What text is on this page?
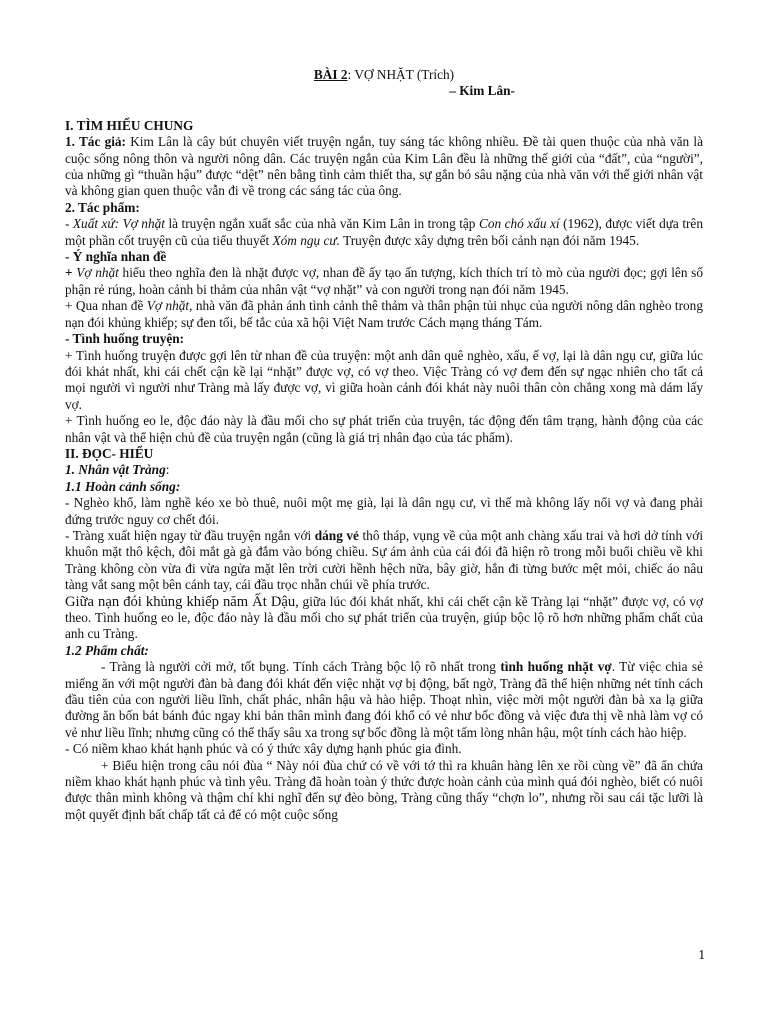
BÀI 2: VỢ NHẶT (Trích)
– Kim Lân-

I. TÌM HIỂU CHUNG

1. Tác giả: Kim Lân là cây bút chuyên viết truyện ngắn, tuy sáng tác không nhiều. Đề tài quen thuộc của nhà văn là cuộc sống nông thôn và người nông dân. Các truyện ngắn của Kim Lân đều là những thế giới của “đất”, của “người”, của những gì “thuần hậu” được “dệt” nên bằng tình cảm thiết tha, sự gắn bó sâu nặng của nhà văn với thế giới nhân vật và không gian quen thuộc vẫn đi về trong các sáng tác của ông.

2. Tác phẩm:

- Xuất xứ: Vợ nhặt là truyện ngắn xuất sắc của nhà văn Kim Lân in trong tập Con chó xấu xí (1962), được viết dựa trên một phần cốt truyện cũ của tiểu thuyết Xóm ngụ cư. Truyện được xây dựng trên bối cảnh nạn đói năm 1945.

- Ý nghĩa nhan đề

+ Vợ nhặt hiểu theo nghĩa đen là nhặt được vợ, nhan đề ấy tạo ấn tượng, kích thích trí tò mò của người đọc; gợi lên số phận rẻ rúng, hoàn cảnh bi thảm của nhân vật “vợ nhặt” và con người trong nạn đói năm 1945.

+ Qua nhan đề Vợ nhặt, nhà văn đã phản ánh tình cảnh thê thảm và thân phận tủi nhục của người nông dân nghèo trong nạn đói khủng khiếp; sự đen tối, bế tắc của xã hội Việt Nam trước Cách mạng tháng Tám.

- Tình huống truyện:

+ Tình huống truyện được gợi lên từ nhan đề của truyện: một anh dân quê nghèo, xấu, ế vợ, lại là dân ngụ cư, giữa lúc đói khát nhất, khi cái chết cận kề lại “nhặt” được vợ, có vợ theo. Việc Tràng có vợ đem đến sự ngạc nhiên cho tất cả mọi người vì người như Tràng mà lấy được vợ, vì giữa hoàn cảnh đói khát này nuôi thân còn chẳng xong mà dám lấy vợ.

+ Tình huống eo le, độc đáo này là đầu mối cho sự phát triển của truyện, tác động đến tâm trạng, hành động của các nhân vật và thể hiện chủ đề của truyện ngắn (cũng là giá trị nhân đạo của tác phẩm).

II. ĐỌC- HIỂU

1. Nhân vật Tràng:

1.1 Hoàn cảnh sống:

- Nghèo khổ, làm nghề kéo xe bò thuê, nuôi một mẹ già, lại là dân ngụ cư, vì thế mà không lấy nổi vợ và đang phải đứng trước nguy cơ chết đói.

- Tràng xuất hiện ngay từ đầu truyện ngắn với dáng vẻ thô tháp, vụng về của một anh chàng xấu trai và hơi dở tính với khuôn mặt thô kệch, đôi mắt gà gà đắm vào bóng chiều. Sự ám ảnh của cái đói đã hiện rõ trong mỗi buổi chiều về khi Tràng không còn vừa đi vừa ngửa mặt lên trời cười hềnh hệch nữa, bây giờ, hắn đi từng bước mệt mỏi, chiếc áo nâu tàng vắt sang một bên cánh tay, cái đầu trọc nhẵn chúi về phía trước.

Giữa nạn đói khủng khiếp năm Ất Dậu, giữa lúc đói khát nhất, khi cái chết cận kề Tràng lại “nhặt” được vợ, có vợ theo. Tình huống eo le, độc đáo này là đầu mối cho sự phát triển của truyện, giúp bộc lộ rõ hơn những phẩm chất của anh cu Tràng.

1.2 Phẩm chất:

- Tràng là người cởi mở, tốt bụng. Tính cách Tràng bộc lộ rõ nhất trong tình huống nhặt vợ. Từ việc chia sẻ miếng ăn với một người đàn bà đang đói khát đến việc nhặt vợ bị động, bất ngờ, Tràng đã thể hiện những nét tính cách đầu tiên của con người liều lĩnh, chất phác, nhân hậu và hào hiệp. Thoạt nhìn, việc mời một người đàn bà xa lạ giữa đường ăn bốn bát bánh đúc ngay khi bản thân mình đang đói khổ có vẻ như bốc đồng và việc đưa thị về nhà làm vợ có vẻ như liều lĩnh; nhưng cũng có thể thấy sâu xa trong sự bốc đồng là một tấm lòng nhân hậu, một tính cách hào hiệp.

- Có niềm khao khát hạnh phúc và có ý thức xây dựng hạnh phúc gia đình.

+ Biểu hiện trong câu nói đùa “ Này nói đùa chứ có về với tớ thì ra khuân hàng lên xe rồi cùng về” đã ẩn chứa niềm khao khát hạnh phúc và tình yêu. Tràng đã hoàn toàn ý thức được hoàn cảnh của mình quá đói nghèo, biết có nuôi được thân mình không và thậm chí khi nghĩ đến sự đèo bòng, Tràng cũng thấy “chợn lo”, nhưng rồi sau cái tặc lưỡi là một quyết định bất chấp tất cả để có một cuộc sống

1
